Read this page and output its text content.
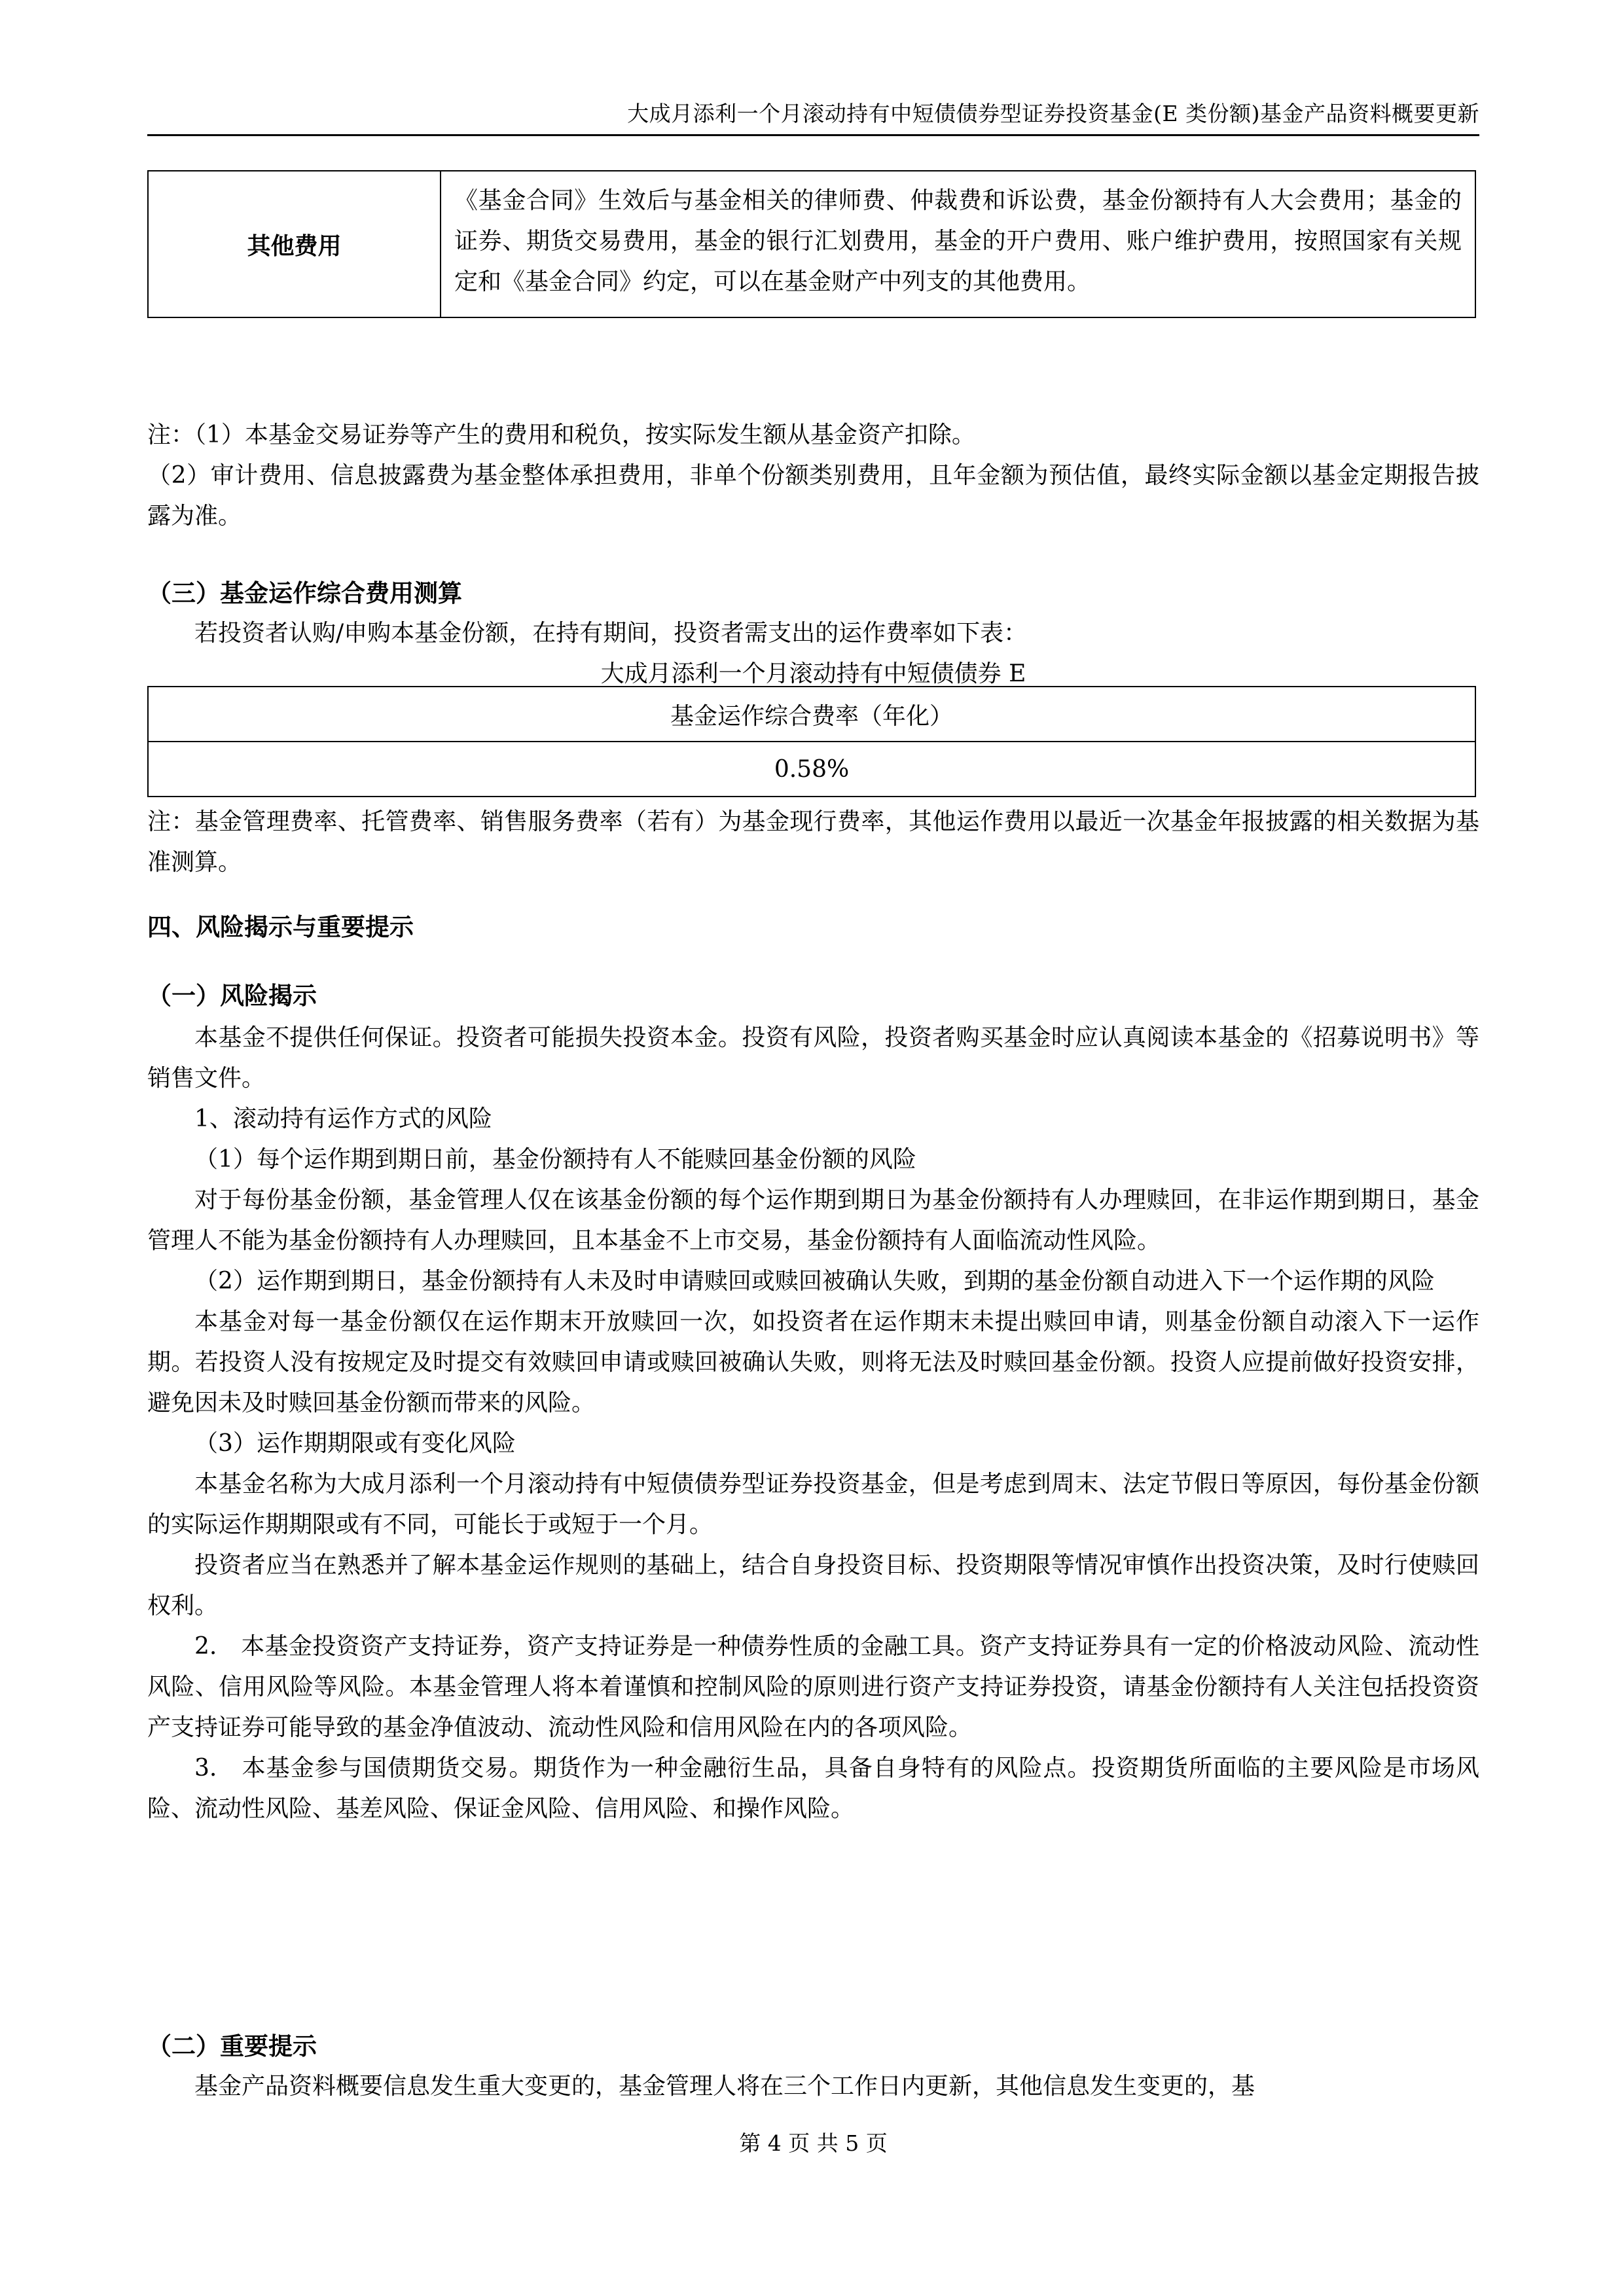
大成月添利一个月滚动持有中短债债券型证券投资基金(E 类份额)基金产品资料概要更新
其他费用	
《基金合同》生效后与基金相关的律师费、仲裁费和诉讼费，基金份额持有人大会费用；基金的证券、期货交易费用，基金的银行汇划费用，基金的开户费用、账户维护费用，按照国家有关规定和《基金合同》约定，可以在基金财产中列支的其他费用。

注：（1）本基金交易证券等产生的费用和税负，按实际发生额从基金资产扣除。

（2）审计费用、信息披露费为基金整体承担费用，非单个份额类别费用，且年金额为预估值，最终实际金额以基金定期报告披露为准。

（三）基金运作综合费用测算

若投资者认购/申购本基金份额，在持有期间，投资者需支出的运作费率如下表：

大成月添利一个月滚动持有中短债债券 E

基金运作综合费率（年化）
0.58%

注：基金管理费率、托管费率、销售服务费率（若有）为基金现行费率，其他运作费用以最近一次基金年报披露的相关数据为基准测算。

四、风险揭示与重要提示

（一）风险揭示

本基金不提供任何保证。投资者可能损失投资本金。投资有风险，投资者购买基金时应认真阅读本基金的《招募说明书》等销售文件。

1、滚动持有运作方式的风险

（1）每个运作期到期日前，基金份额持有人不能赎回基金份额的风险

对于每份基金份额，基金管理人仅在该基金份额的每个运作期到期日为基金份额持有人办理赎回，在非运作期到期日，基金管理人不能为基金份额持有人办理赎回，且本基金不上市交易，基金份额持有人面临流动性风险。

（2）运作期到期日，基金份额持有人未及时申请赎回或赎回被确认失败，到期的基金份额自动进入下一个运作期的风险

本基金对每一基金份额仅在运作期末开放赎回一次，如投资者在运作期末未提出赎回申请，则基金份额自动滚入下一运作期。若投资人没有按规定及时提交有效赎回申请或赎回被确认失败，则将无法及时赎回基金份额。投资人应提前做好投资安排，避免因未及时赎回基金份额而带来的风险。

（3）运作期期限或有变化风险

本基金名称为大成月添利一个月滚动持有中短债债券型证券投资基金，但是考虑到周末、法定节假日等原因，每份基金份额的实际运作期期限或有不同，可能长于或短于一个月。

投资者应当在熟悉并了解本基金运作规则的基础上，结合自身投资目标、投资期限等情况审慎作出投资决策，及时行使赎回权利。

2.　本基金投资资产支持证券，资产支持证券是一种债券性质的金融工具。资产支持证券具有一定的价格波动风险、流动性风险、信用风险等风险。本基金管理人将本着谨慎和控制风险的原则进行资产支持证券投资，请基金份额持有人关注包括投资资产支持证券可能导致的基金净值波动、流动性风险和信用风险在内的各项风险。

3.　本基金参与国债期货交易。期货作为一种金融衍生品，具备自身特有的风险点。投资期货所面临的主要风险是市场风险、流动性风险、基差风险、保证金风险、信用风险、和操作风险。

（二）重要提示

基金产品资料概要信息发生重大变更的，基金管理人将在三个工作日内更新，其他信息发生变更的，基

第 4 页 共 5 页
